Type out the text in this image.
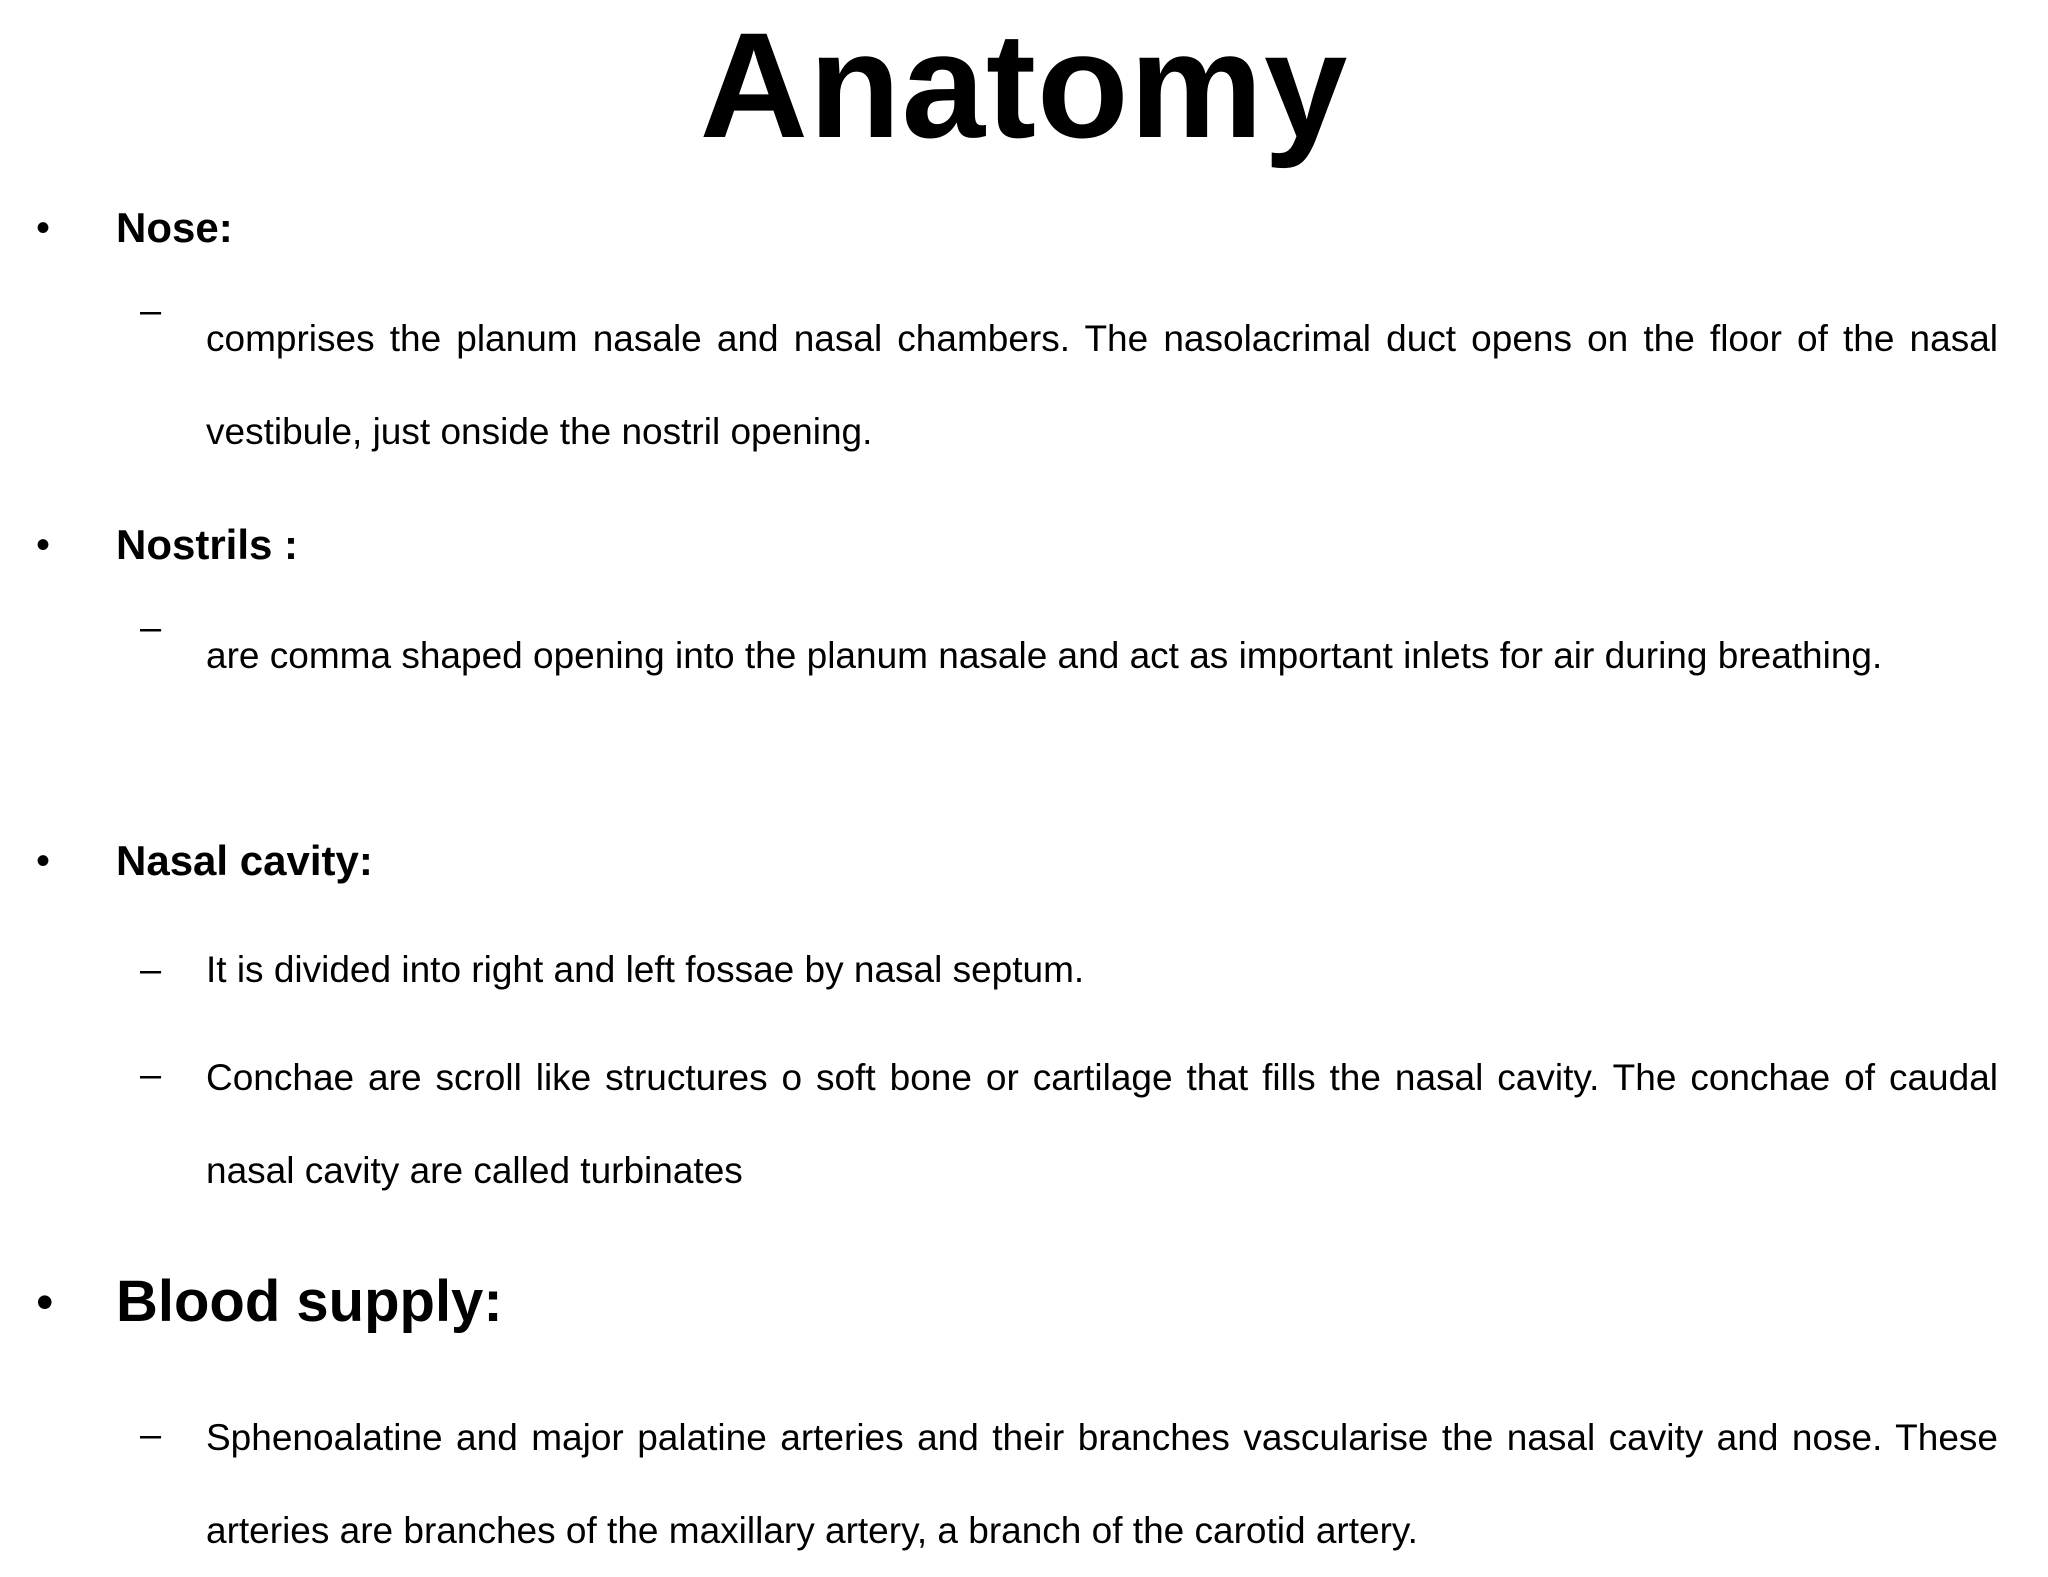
Anatomy
• Nose:
–
comprises the planum nasale and nasal chambers. The nasolacrimal duct opens on the floor of the nasal vestibule, just onside the nostril opening.
• Nostrils :
–
are comma shaped opening into the planum nasale and act as important inlets for air during breathing.
• Nasal cavity:
– It is divided into right and left fossae by nasal septum.
– Conchae are scroll like structures o soft bone or cartilage that fills the nasal cavity. The conchae of caudal nasal cavity are called turbinates
• Blood supply:
– Sphenoalatine and major palatine arteries and their branches vascularise the nasal cavity and nose. These arteries are branches of the maxillary artery, a branch of the carotid artery.
